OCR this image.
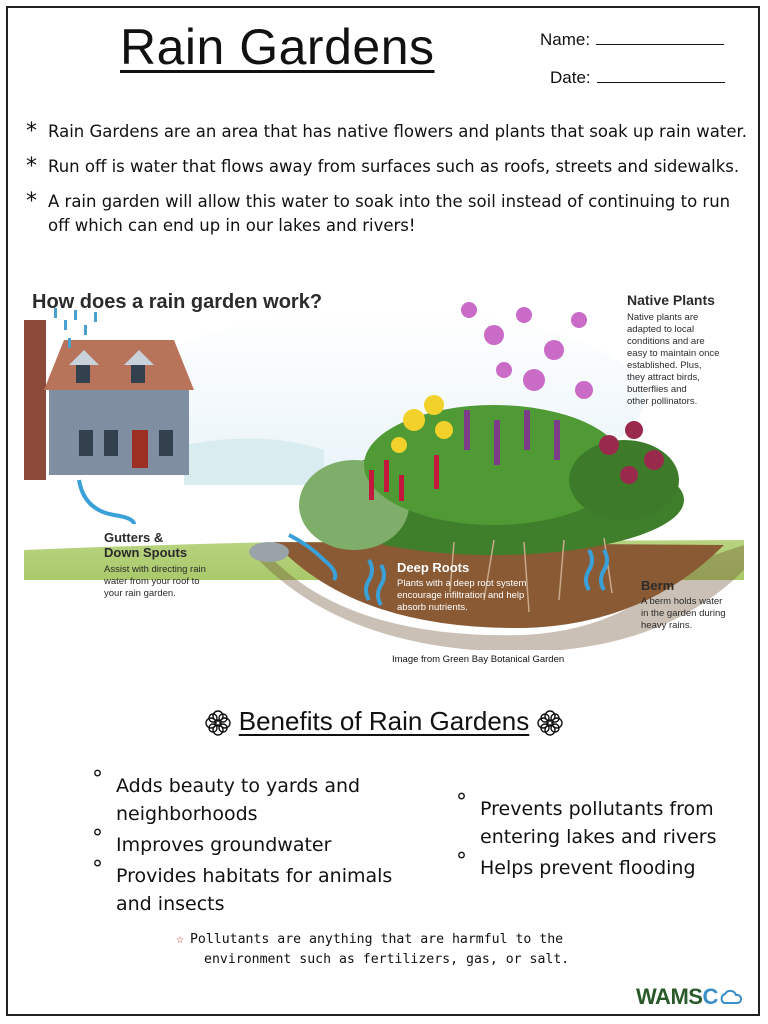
Rain Gardens	Name:
Date:
* Rain Gardens are an area that has native flowers and plants that soak up rain water.
* Run off is water that flows away from surfaces such as roofs, streets and sidewalks.
* A rain garden will allow this water to soak into the soil instead of continuing to run off which can end up in our lakes and rivers!
How does a rain garden work?	Native Plants
Native plants are
adapted to local
conditions and are
easy to maintain once
established. Plus,
they attract birds,
butterflies and
other pollinators.
Gutters &
Down Spouts
Assist with directing rain
water from your roof to
your rain garden.
Deep Roots
Plants with a deep root system
encourage infiltration and help
absorb nutrients.
Berm
A berm holds water
in the garden during
heavy rains.
Image from Green Bay Botanical Garden
Benefits of Rain Gardens
° Adds beauty to yards and neighborhoods
° Improves groundwater
° Provides habitats for animals and insects
° Prevents pollutants from entering lakes and rivers
° Helps prevent flooding
☆ Pollutants are anything that are harmful to the
environment such as fertilizers, gas, or salt.
WAMSC
